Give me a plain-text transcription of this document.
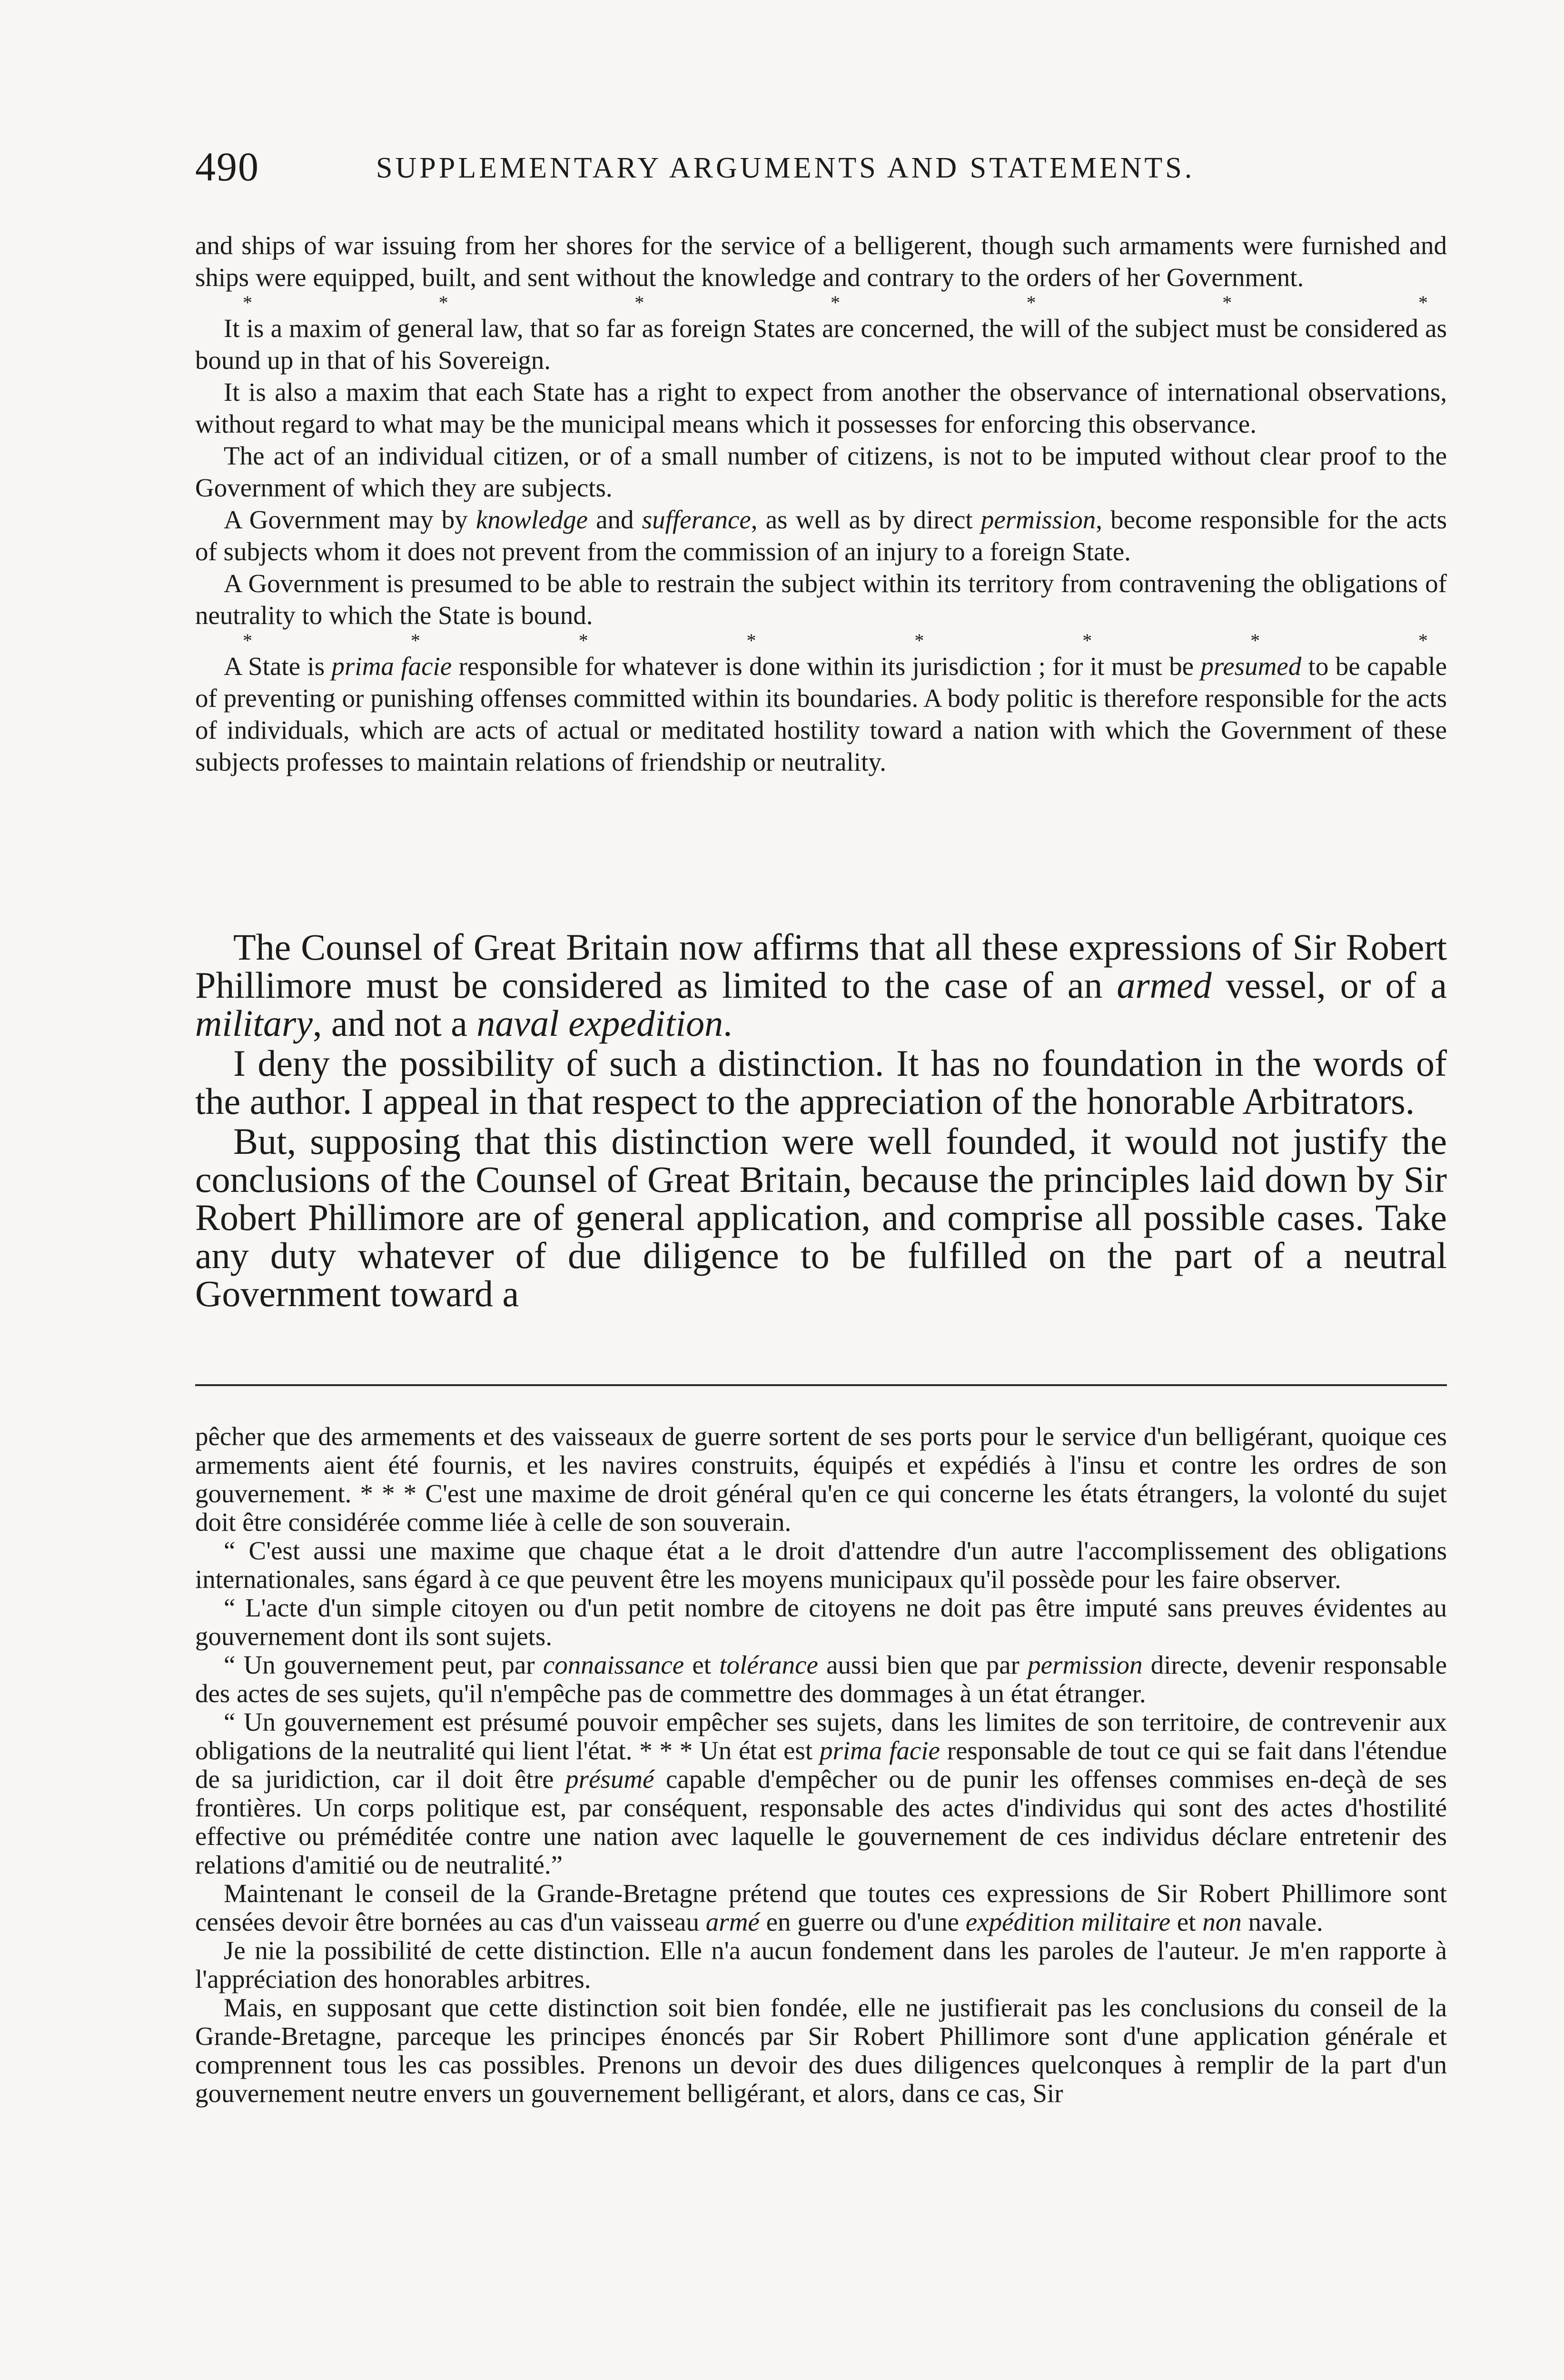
490	SUPPLEMENTARY ARGUMENTS AND STATEMENTS.

and ships of war issuing from her shores for the service of a belligerent, though such armaments were furnished and ships were equipped, built, and sent without the knowledge and contrary to the orders of her Government.

*	*	*	*	*	*	*

It is a maxim of general law, that so far as foreign States are concerned, the will of the subject must be considered as bound up in that of his Sovereign.

It is also a maxim that each State has a right to expect from another the observance of international observations, without regard to what may be the municipal means which it possesses for enforcing this observance.

The act of an individual citizen, or of a small number of citizens, is not to be imputed without clear proof to the Government of which they are subjects.

A Government may by knowledge and sufferance, as well as by direct permission, become responsible for the acts of subjects whom it does not prevent from the commission of an injury to a foreign State.

A Government is presumed to be able to restrain the subject within its territory from contravening the obligations of neutrality to which the State is bound.

*	*	*	*	*	*	*	*

A State is prima facie responsible for whatever is done within its jurisdiction ; for it must be presumed to be capable of preventing or punishing offenses committed within its boundaries. A body politic is therefore responsible for the acts of individuals, which are acts of actual or meditated hostility toward a nation with which the Government of these subjects professes to maintain relations of friendship or neutrality.

The Counsel of Great Britain now affirms that all these expressions of Sir Robert Phillimore must be considered as limited to the case of an armed vessel, or of a military, and not a naval expedition.

I deny the possibility of such a distinction. It has no foundation in the words of the author. I appeal in that respect to the appreciation of the honorable Arbitrators.

But, supposing that this distinction were well founded, it would not justify the conclusions of the Counsel of Great Britain, because the principles laid down by Sir Robert Phillimore are of general application, and comprise all possible cases. Take any duty whatever of due diligence to be fulfilled on the part of a neutral Government toward a

pêcher que des armements et des vaisseaux de guerre sortent de ses ports pour le service d'un belligérant, quoique ces armements aient été fournis, et les navires construits, équipés et expédiés à l'insu et contre les ordres de son gouvernement. * * * C'est une maxime de droit général qu'en ce qui concerne les états étrangers, la volonté du sujet doit être considérée comme liée à celle de son souverain.

“ C'est aussi une maxime que chaque état a le droit d'attendre d'un autre l'accomplissement des obligations internationales, sans égard à ce que peuvent être les moyens municipaux qu'il possède pour les faire observer.

“ L'acte d'un simple citoyen ou d'un petit nombre de citoyens ne doit pas être imputé sans preuves évidentes au gouvernement dont ils sont sujets.

“ Un gouvernement peut, par connaissance et tolérance aussi bien que par permission directe, devenir responsable des actes de ses sujets, qu'il n'empêche pas de commettre des dommages à un état étranger.

“ Un gouvernement est présumé pouvoir empêcher ses sujets, dans les limites de son territoire, de contrevenir aux obligations de la neutralité qui lient l'état. * * * Un état est prima facie responsable de tout ce qui se fait dans l'étendue de sa juridiction, car il doit être présumé capable d'empêcher ou de punir les offenses commises en-deçà de ses frontières. Un corps politique est, par conséquent, responsable des actes d'individus qui sont des actes d'hostilité effective ou préméditée contre une nation avec laquelle le gouvernement de ces individus déclare entretenir des relations d'amitié ou de neutralité.”

Maintenant le conseil de la Grande-Bretagne prétend que toutes ces expressions de Sir Robert Phillimore sont censées devoir être bornées au cas d'un vaisseau armé en guerre ou d'une expédition militaire et non navale.

Je nie la possibilité de cette distinction. Elle n'a aucun fondement dans les paroles de l'auteur. Je m'en rapporte à l'appréciation des honorables arbitres.

Mais, en supposant que cette distinction soit bien fondée, elle ne justifierait pas les conclusions du conseil de la Grande-Bretagne, parceque les principes énoncés par Sir Robert Phillimore sont d'une application générale et comprennent tous les cas possibles. Prenons un devoir des dues diligences quelconques à remplir de la part d'un gouvernement neutre envers un gouvernement belligérant, et alors, dans ce cas, Sir
